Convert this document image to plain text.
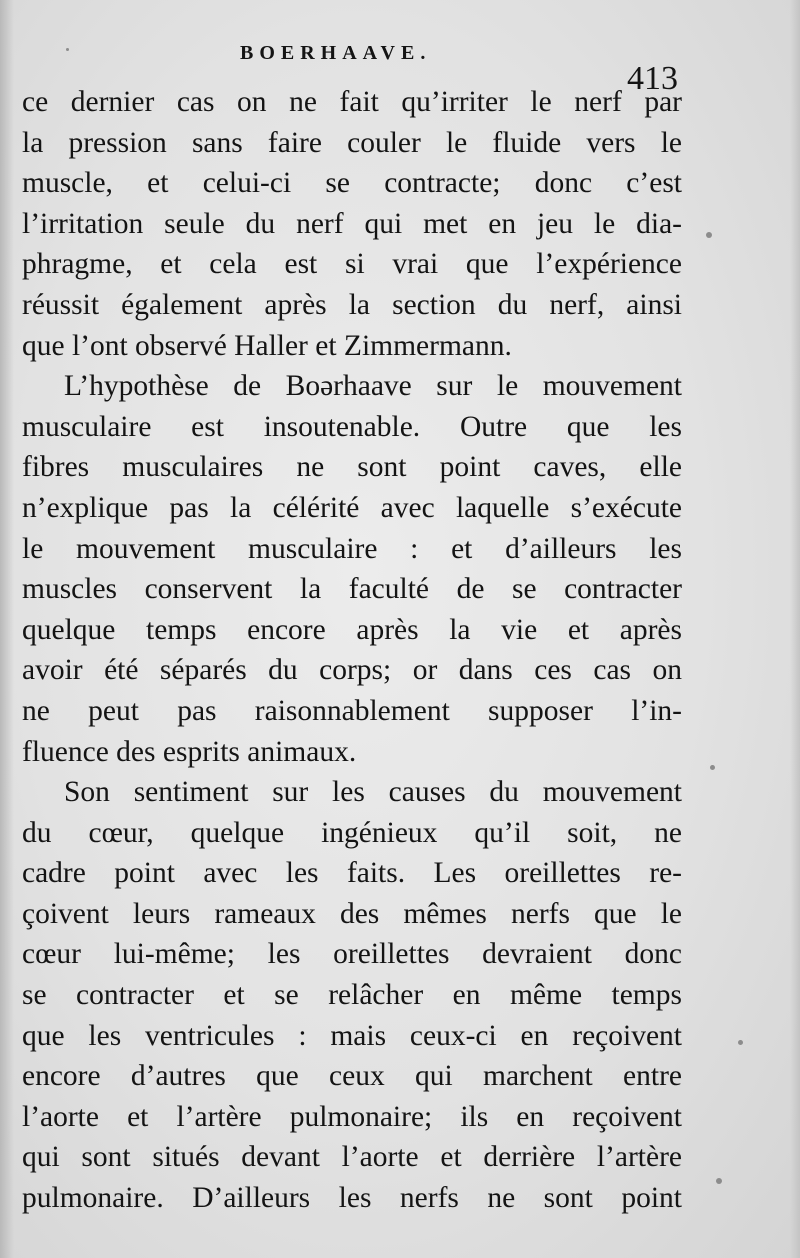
BOERHAAVE.
413
ce dernier cas on ne fait qu’irriter le nerf par
la pression sans faire couler le fluide vers le
muscle, et celui-ci se contracte; donc c’est
l’irritation seule du nerf qui met en jeu le dia-
phragme, et cela est si vrai que l’expérience
réussit également après la section du nerf, ainsi
que l’ont observé Haller et Zimmermann.
L’hypothèse de Boərhaave sur le mouvement
musculaire est insoutenable. Outre que les
fibres musculaires ne sont point caves, elle
n’explique pas la célérité avec laquelle s’exécute
le mouvement musculaire : et d’ailleurs les
muscles conservent la faculté de se contracter
quelque temps encore après la vie et après
avoir été séparés du corps; or dans ces cas on
ne peut pas raisonnablement supposer l’in-
fluence des esprits animaux.
Son sentiment sur les causes du mouvement
du cœur, quelque ingénieux qu’il soit, ne
cadre point avec les faits. Les oreillettes re-
çoivent leurs rameaux des mêmes nerfs que le
cœur lui-même; les oreillettes devraient donc
se contracter et se relâcher en même temps
que les ventricules : mais ceux-ci en reçoivent
encore d’autres que ceux qui marchent entre
l’aorte et l’artère pulmonaire; ils en reçoivent
qui sont situés devant l’aorte et derrière l’artère
pulmonaire. D’ailleurs les nerfs ne sont point
